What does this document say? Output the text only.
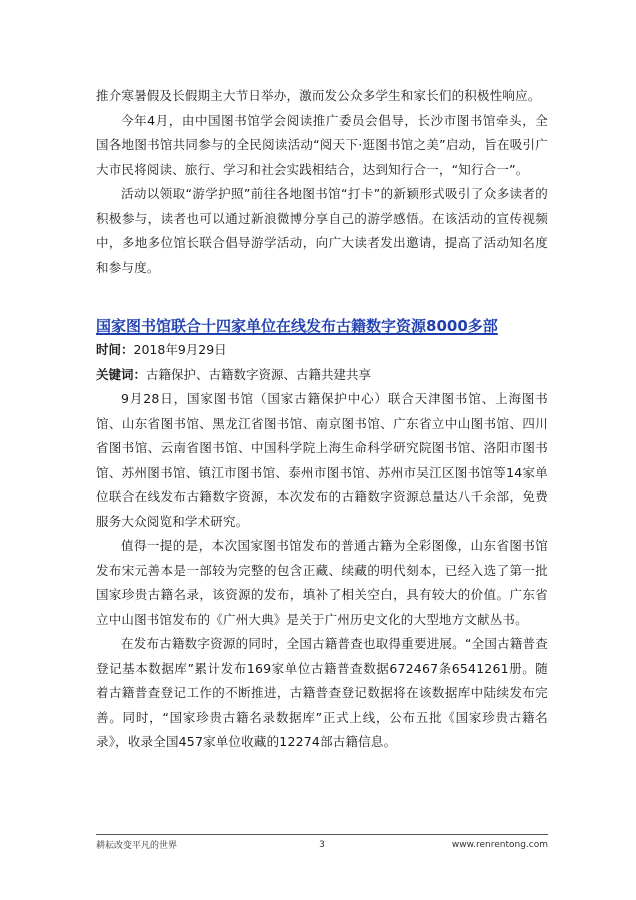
推介寒暑假及长假期主大节日举办，激而发公众多学生和家长们的积极性响应。

今年4月，由中国图书馆学会阅读推广委员会倡导，长沙市图书馆牵头，全国各地图书馆共同参与的全民阅读活动“阅天下·逛图书馆之美”启动，旨在吸引广大市民将阅读、旅行、学习和社会实践相结合，达到知行合一，“知行合一”。

活动以领取“游学护照”前往各地图书馆“打卡”的新颖形式吸引了众多读者的积极参与，读者也可以通过新浪微博分享自己的游学感悟。在该活动的宣传视频中，多地多位馆长联合倡导游学活动，向广大读者发出邀请，提高了活动知名度和参与度。

国家图书馆联合十四家单位在线发布古籍数字资源8000多部

时间：2018年9月29日

关键词：古籍保护、古籍数字资源、古籍共建共享

9月28日，国家图书馆（国家古籍保护中心）联合天津图书馆、上海图书馆、山东省图书馆、黑龙江省图书馆、南京图书馆、广东省立中山图书馆、四川省图书馆、云南省图书馆、中国科学院上海生命科学研究院图书馆、洛阳市图书馆、苏州图书馆、镇江市图书馆、泰州市图书馆、苏州市吴江区图书馆等14家单位联合在线发布古籍数字资源，本次发布的古籍数字资源总量达八千余部，免费服务大众阅览和学术研究。

值得一提的是，本次国家图书馆发布的普通古籍为全彩图像，山东省图书馆发布宋元善本是一部较为完整的包含正藏、续藏的明代刻本，已经入选了第一批国家珍贵古籍名录，该资源的发布，填补了相关空白，具有较大的价值。广东省立中山图书馆发布的《广州大典》是关于广州历史文化的大型地方文献丛书。

在发布古籍数字资源的同时，全国古籍普查也取得重要进展。“全国古籍普查登记基本数据库”累计发布169家单位古籍普查数据672467条6541261册。随着古籍普查登记工作的不断推进，古籍普查登记数据将在该数据库中陆续发布完善。同时，“国家珍贵古籍名录数据库”正式上线，公布五批《国家珍贵古籍名录》，收录全国457家单位收藏的12274部古籍信息。

耕耘改变平凡的世界	3	www.renrentong.com
